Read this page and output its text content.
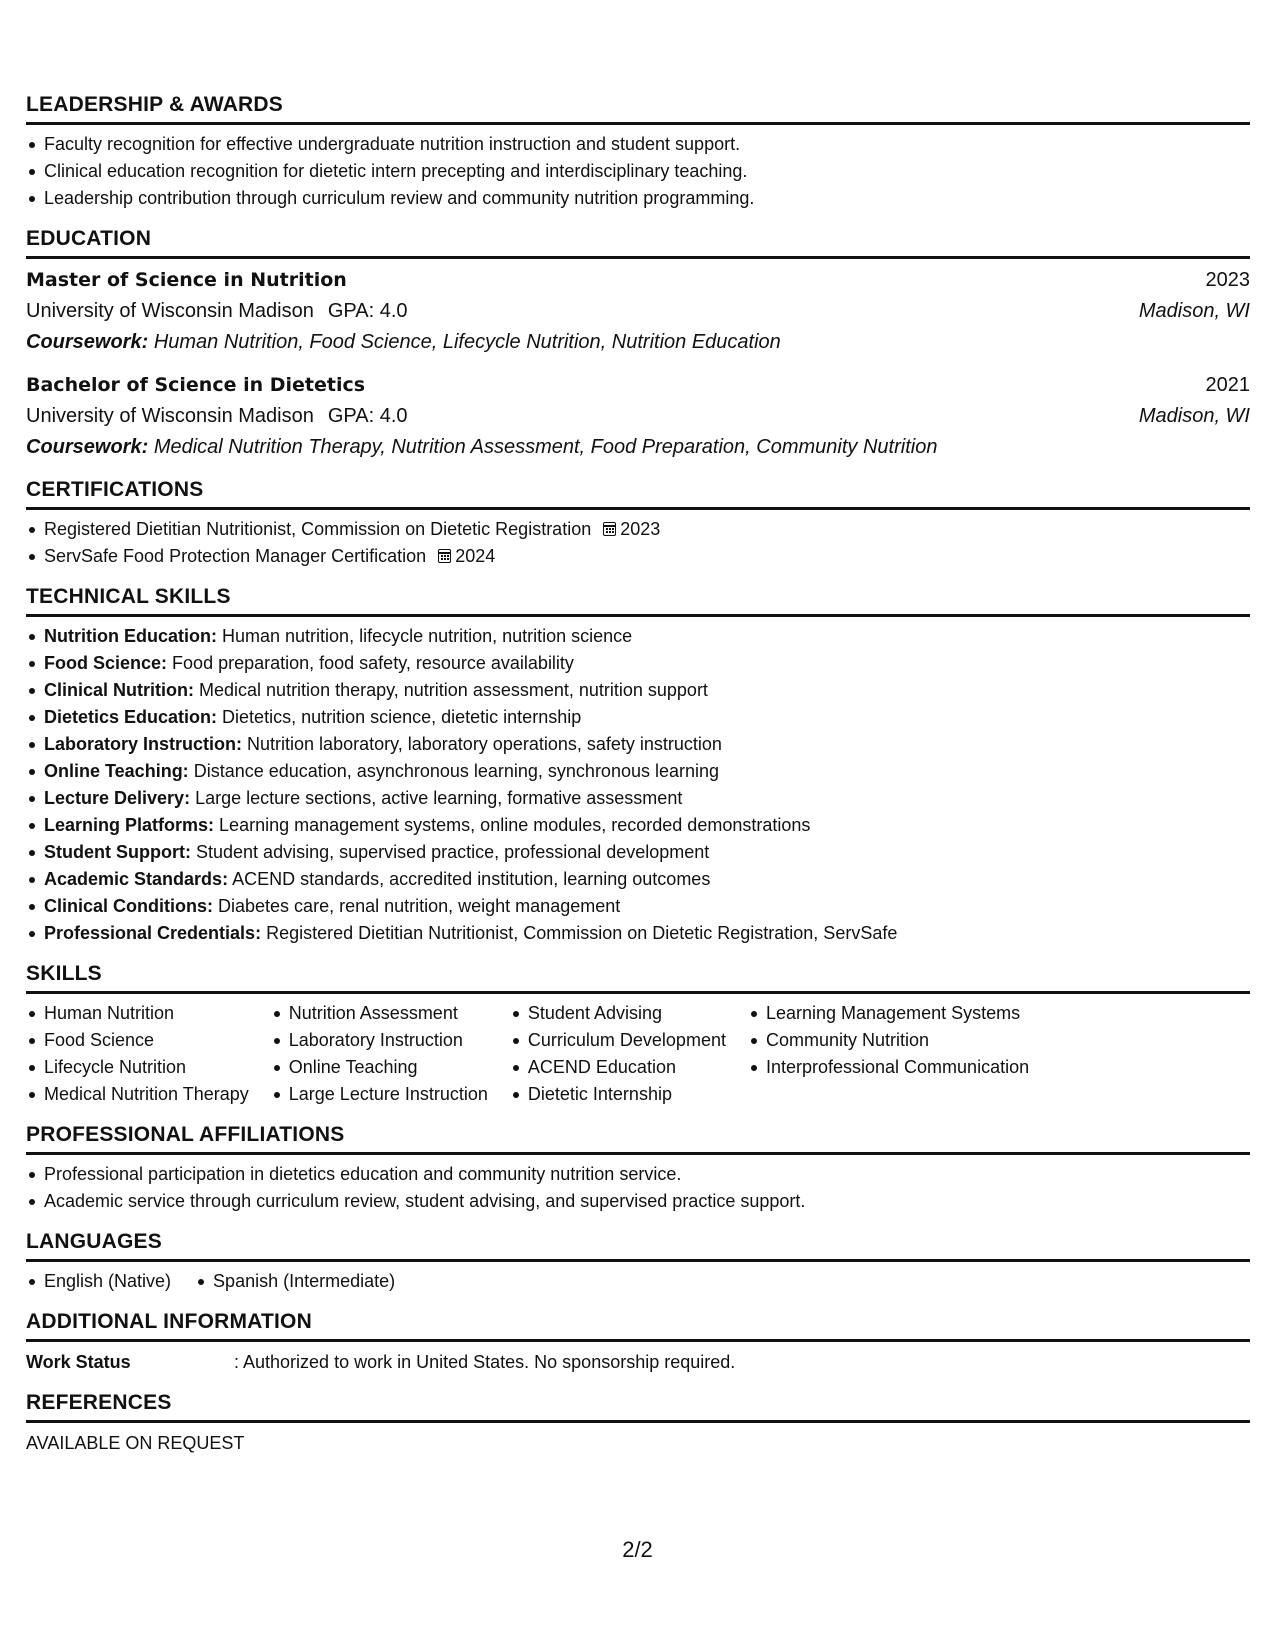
LEADERSHIP & AWARDS
Faculty recognition for effective undergraduate nutrition instruction and student support.
Clinical education recognition for dietetic intern precepting and interdisciplinary teaching.
Leadership contribution through curriculum review and community nutrition programming.
EDUCATION
Master of Science in Nutrition	2023
University of Wisconsin Madison GPA: 4.0	Madison, WI
Coursework: Human Nutrition, Food Science, Lifecycle Nutrition, Nutrition Education
Bachelor of Science in Dietetics	2021
University of Wisconsin Madison GPA: 4.0	Madison, WI
Coursework: Medical Nutrition Therapy, Nutrition Assessment, Food Preparation, Community Nutrition
CERTIFICATIONS
Registered Dietitian Nutritionist, Commission on Dietetic Registration 2023
ServSafe Food Protection Manager Certification 2024
TECHNICAL SKILLS
Nutrition Education: Human nutrition, lifecycle nutrition, nutrition science
Food Science: Food preparation, food safety, resource availability
Clinical Nutrition: Medical nutrition therapy, nutrition assessment, nutrition support
Dietetics Education: Dietetics, nutrition science, dietetic internship
Laboratory Instruction: Nutrition laboratory, laboratory operations, safety instruction
Online Teaching: Distance education, asynchronous learning, synchronous learning
Lecture Delivery: Large lecture sections, active learning, formative assessment
Learning Platforms: Learning management systems, online modules, recorded demonstrations
Student Support: Student advising, supervised practice, professional development
Academic Standards: ACEND standards, accredited institution, learning outcomes
Clinical Conditions: Diabetes care, renal nutrition, weight management
Professional Credentials: Registered Dietitian Nutritionist, Commission on Dietetic Registration, ServSafe
SKILLS
Human Nutrition
Food Science
Lifecycle Nutrition
Medical Nutrition Therapy
Nutrition Assessment
Laboratory Instruction
Online Teaching
Large Lecture Instruction
Student Advising
Curriculum Development
ACEND Education
Dietetic Internship
Learning Management Systems
Community Nutrition
Interprofessional Communication
PROFESSIONAL AFFILIATIONS
Professional participation in dietetics education and community nutrition service.
Academic service through curriculum review, student advising, and supervised practice support.
LANGUAGES
English (Native)	Spanish (Intermediate)
ADDITIONAL INFORMATION
Work Status	: Authorized to work in United States. No sponsorship required.
REFERENCES
AVAILABLE ON REQUEST
2/2
